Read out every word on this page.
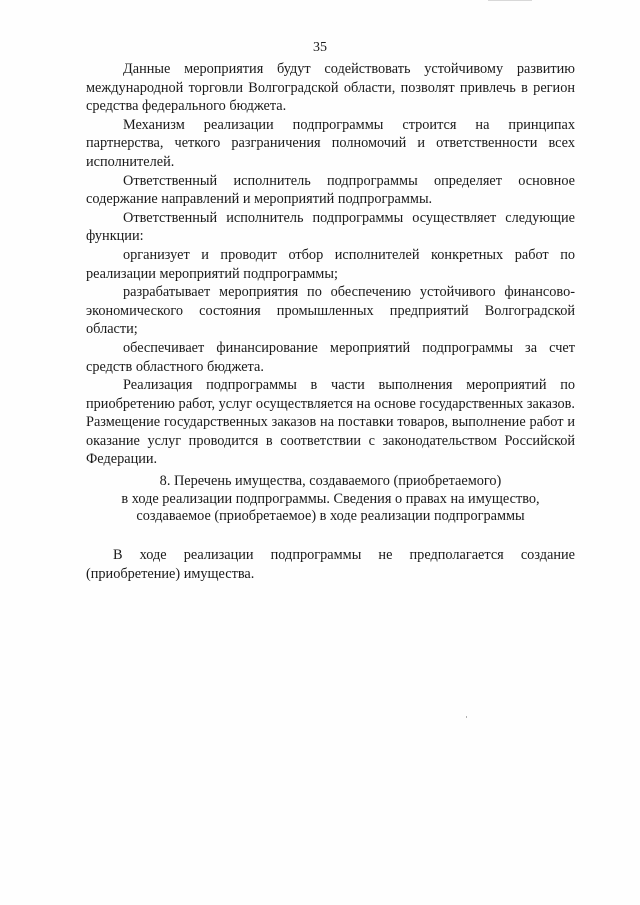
35

Данные мероприятия будут содействовать устойчивому развитию международной торговли Волгоградской области, позволят привлечь в регион средства федерального бюджета.

Механизм реализации подпрограммы строится на принципах партнерства, четкого разграничения полномочий и ответственности всех исполнителей.

Ответственный исполнитель подпрограммы определяет основное содержание направлений и мероприятий подпрограммы.

Ответственный исполнитель подпрограммы осуществляет следующие функции:

организует и проводит отбор исполнителей конкретных работ по реализации мероприятий подпрограммы;

разрабатывает мероприятия по обеспечению устойчивого финансово-экономического состояния промышленных предприятий Волгоградской области;

обеспечивает финансирование мероприятий подпрограммы за счет средств областного бюджета.

Реализация подпрограммы в части выполнения мероприятий по приобретению работ, услуг осуществляется на основе государственных заказов. Размещение государственных заказов на поставки товаров, выполнение работ и оказание услуг проводится в соответствии с законодательством Российской Федерации.

8. Перечень имущества, создаваемого (приобретаемого)
в ходе реализации подпрограммы. Сведения о правах на имущество,
создаваемое (приобретаемое) в ходе реализации подпрограммы

В ходе реализации подпрограммы не предполагается создание (приобретение) имущества.
